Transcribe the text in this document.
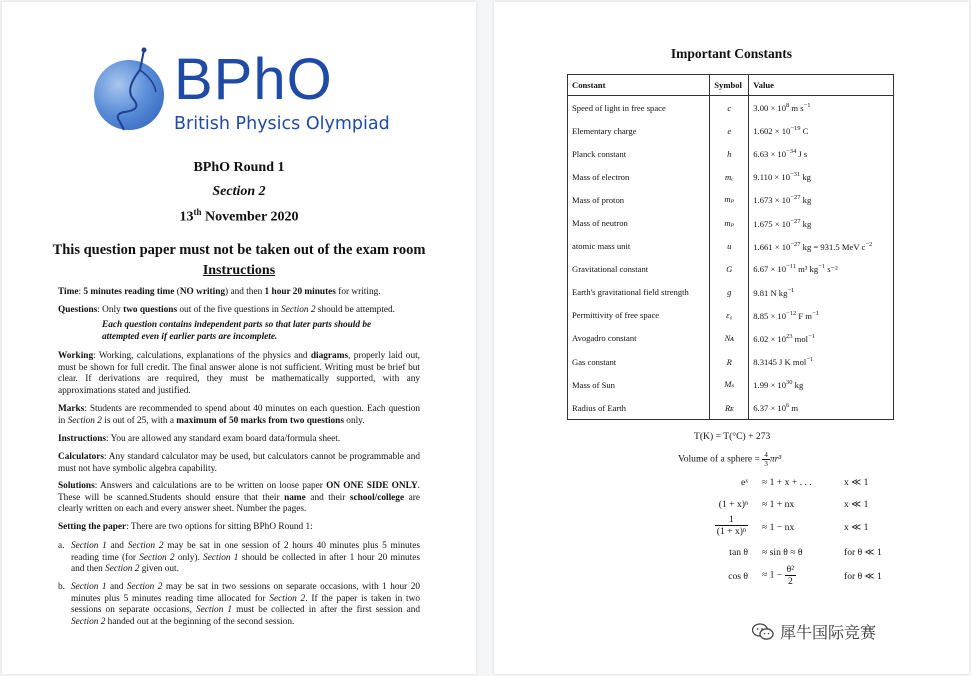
BPhO
British Physics Olympiad
BPhO Round 1
Section 2
13th November 2020
This question paper must not be taken out of the exam room
Instructions
Time: 5 minutes reading time (NO writing) and then 1 hour 20 minutes for writing.
Questions: Only two questions out of the five questions in Section 2 should be attempted.
Each question contains independent parts so that later parts should be attempted even if earlier parts are incomplete.
Working: Working, calculations, explanations of the physics and diagrams, properly laid out, must be shown for full credit. The final answer alone is not sufficient. Writing must be brief but clear. If derivations are required, they must be mathematically supported, with any approximations stated and justified.
Marks: Students are recommended to spend about 40 minutes on each question. Each question in Section 2 is out of 25, with a maximum of 50 marks from two questions only.
Instructions: You are allowed any standard exam board data/formula sheet.
Calculators: Any standard calculator may be used, but calculators cannot be programmable and must not have symbolic algebra capability.
Solutions: Answers and calculations are to be written on loose paper ON ONE SIDE ONLY. These will be scanned.Students should ensure that their name and their school/college are clearly written on each and every answer sheet. Number the pages.
Setting the paper: There are two options for sitting BPhO Round 1:
a. Section 1 and Section 2 may be sat in one session of 2 hours 40 minutes plus 5 minutes reading time (for Section 2 only). Section 1 should be collected in after 1 hour 20 minutes and then Section 2 given out.
b. Section 1 and Section 2 may be sat in two sessions on separate occasions, with 1 hour 20 minutes plus 5 minutes reading time allocated for Section 2. If the paper is taken in two sessions on separate occasions, Section 1 must be collected in after the first session and Section 2 handed out at the beginning of the second session.
Important Constants
Constant	Symbol	Value
Speed of light in free space	c	$3.00 \times 10^8$ m $s^{-1}$
Elementary charge	e	$1.602 \times 10^{-19}$ C
Planck constant	h	$6.63 \times 10^{-34}$ J s
Mass of electron	mₑ	$9.110 \times 10^{-31}$ kg
Mass of proton	mₚ	$1.673 \times 10^{-27}$ kg
Mass of neutron	mₚ	$1.675 \times 10^{-27}$ kg
atomic mass unit	u	$1.661 \times 10^{-27}$ kg = 931.5 MeV $c^{-2}$
Gravitational constant	G	$6.67 \times 10^{-11}$ m³ $kg^{-1}$ s⁻²
Earth's gravitational field strength	g	9.81 N $kg^{-1}$
Permittivity of free space	ε₀	$8.85 \times 10^{-12}$ F $m^{-1}$
Avogadro constant	Nᴀ	$6.02 \times 10^{23}$ mol$^{-1}$
Gas constant	R	8.3145 J K mol$^{-1}$
Mass of Sun	Mₛ	$1.99 \times 10^{30}$ kg
Radius of Earth	Rᴇ	$6.37 \times 10^6$ m
T(K) = T(°C) + 273
Volume of a sphere = $\frac{4}{3} \pi r^3$
eˣ ≈ 1 + x + . . .	x ≪ 1
(1 + x)ⁿ ≈ 1 + nx	x ≪ 1
$\frac{1}{\text{(1 + x)ⁿ}} \approx 1$ − nx	x ≪ 1
tan θ ≈ sin θ ≈ θ	for θ ≪ 1
$\cos \theta \approx 1 - \frac{\text{θ²}}{2}$	for θ ≪ 1
犀牛国际竞赛
